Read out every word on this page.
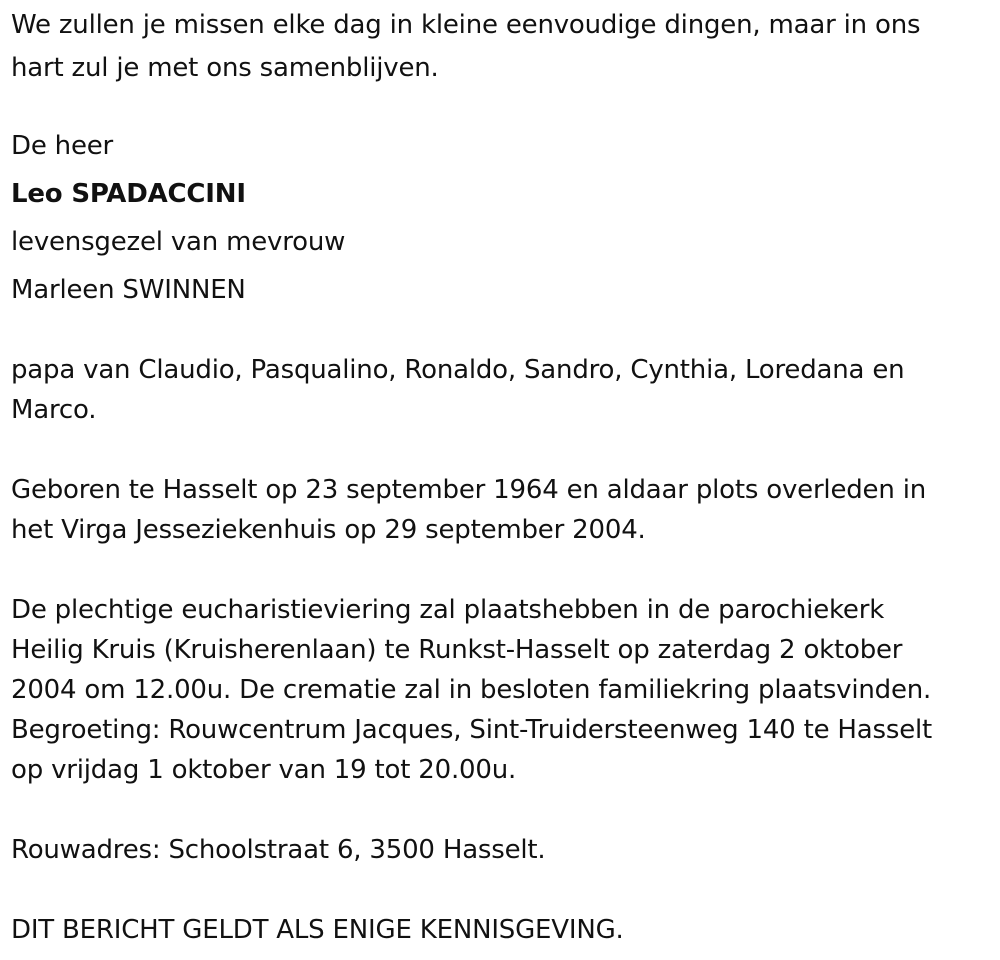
We zullen je missen elke dag in kleine eenvoudige dingen, maar in ons

hart zul je met ons samenblijven.

De heer

Leo SPADACCINI

levensgezel van mevrouw

Marleen SWINNEN

papa van Claudio, Pasqualino, Ronaldo, Sandro, Cynthia, Loredana en

Marco.

Geboren te Hasselt op 23 september 1964 en aldaar plots overleden in

het Virga Jesseziekenhuis op 29 september 2004.

De plechtige eucharistieviering zal plaatshebben in de parochiekerk

Heilig Kruis (Kruisherenlaan) te Runkst-Hasselt op zaterdag 2 oktober

2004 om 12.00u. De crematie zal in besloten familiekring plaatsvinden.

Begroeting: Rouwcentrum Jacques, Sint-Truidersteenweg 140 te Hasselt

op vrijdag 1 oktober van 19 tot 20.00u.

Rouwadres: Schoolstraat 6, 3500 Hasselt.

DIT BERICHT GELDT ALS ENIGE KENNISGEVING.
